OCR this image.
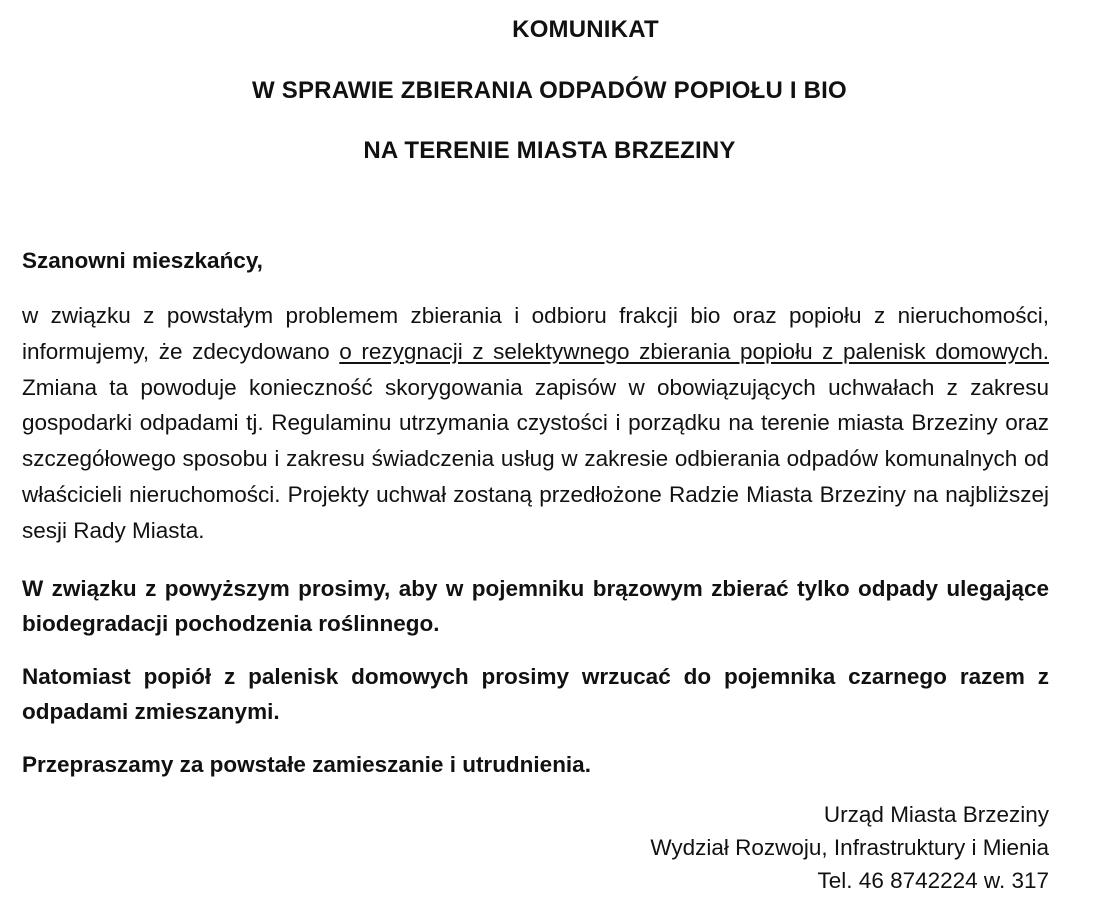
KOMUNIKAT

W SPRAWIE ZBIERANIA ODPADÓW POPIOŁU I BIO

NA TERENIE MIASTA BRZEZINY

Szanowni mieszkańcy,

w związku z powstałym problemem zbierania i odbioru frakcji bio oraz popiołu z nieruchomości, informujemy, że zdecydowano o rezygnacji z selektywnego zbierania popiołu z palenisk domowych. Zmiana ta powoduje konieczność skorygowania zapisów w obowiązujących uchwałach z zakresu gospodarki odpadami tj. Regulaminu utrzymania czystości i porządku na terenie miasta Brzeziny oraz szczegółowego sposobu i zakresu świadczenia usług w zakresie odbierania odpadów komunalnych od właścicieli nieruchomości. Projekty uchwał zostaną przedłożone Radzie Miasta Brzeziny na najbliższej sesji Rady Miasta.

W związku z powyższym prosimy, aby w pojemniku brązowym zbierać tylko odpady ulegające biodegradacji pochodzenia roślinnego.

Natomiast popiół z palenisk domowych prosimy wrzucać do pojemnika czarnego razem z odpadami zmieszanymi.

Przepraszamy za powstałe zamieszanie i utrudnienia.

Urząd Miasta Brzeziny
Wydział Rozwoju, Infrastruktury i Mienia
Tel. 46 8742224 w. 317
